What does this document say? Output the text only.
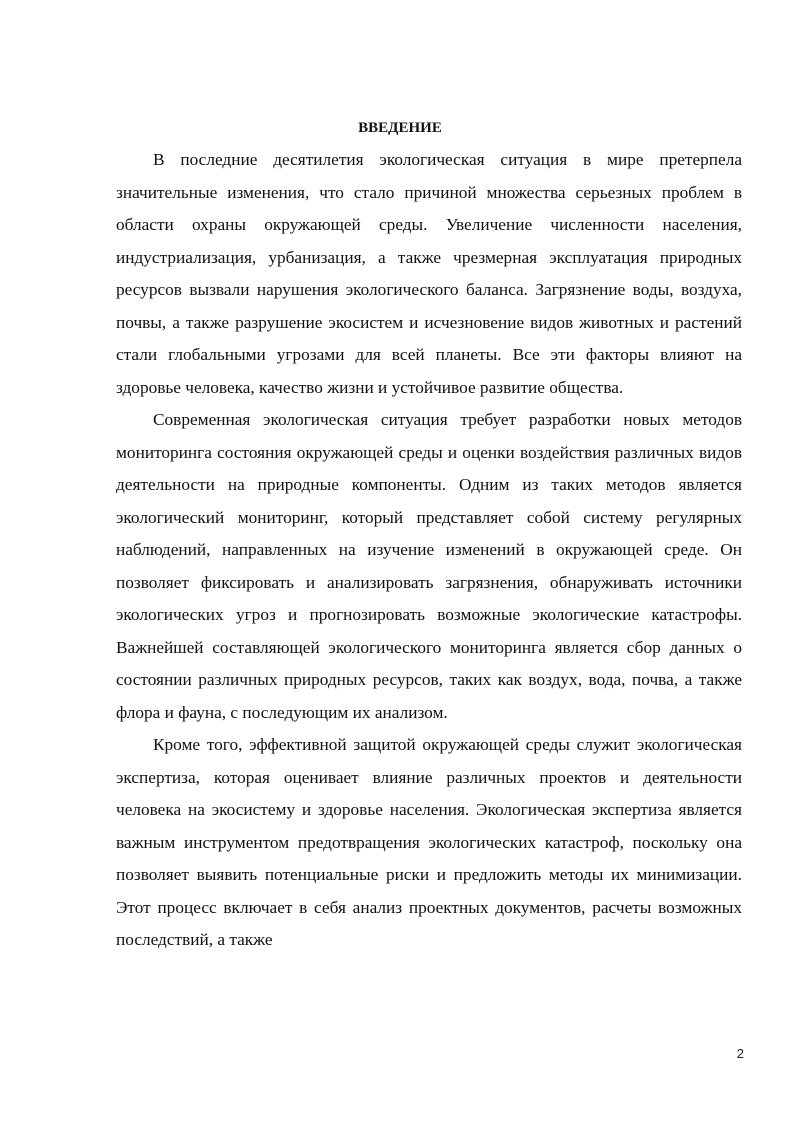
ВВЕДЕНИЕ

В последние десятилетия экологическая ситуация в мире претерпела значительные изменения, что стало причиной множества серьезных проблем в области охраны окружающей среды. Увеличение численности населения, индустриализация, урбанизация, а также чрезмерная эксплуатация природных ресурсов вызвали нарушения экологического баланса. Загрязнение воды, воздуха, почвы, а также разрушение экосистем и исчезновение видов животных и растений стали глобальными угрозами для всей планеты. Все эти факторы влияют на здоровье человека, качество жизни и устойчивое развитие общества.

Современная экологическая ситуация требует разработки новых методов мониторинга состояния окружающей среды и оценки воздействия различных видов деятельности на природные компоненты. Одним из таких методов является экологический мониторинг, который представляет собой систему регулярных наблюдений, направленных на изучение изменений в окружающей среде. Он позволяет фиксировать и анализировать загрязнения, обнаруживать источники экологических угроз и прогнозировать возможные экологические катастрофы. Важнейшей составляющей экологического мониторинга является сбор данных о состоянии различных природных ресурсов, таких как воздух, вода, почва, а также флора и фауна, с последующим их анализом.

Кроме того, эффективной защитой окружающей среды служит экологическая экспертиза, которая оценивает влияние различных проектов и деятельности человека на экосистему и здоровье населения. Экологическая экспертиза является важным инструментом предотвращения экологических катастроф, поскольку она позволяет выявить потенциальные риски и предложить методы их минимизации. Этот процесс включает в себя анализ проектных документов, расчеты возможных последствий, а также

2
